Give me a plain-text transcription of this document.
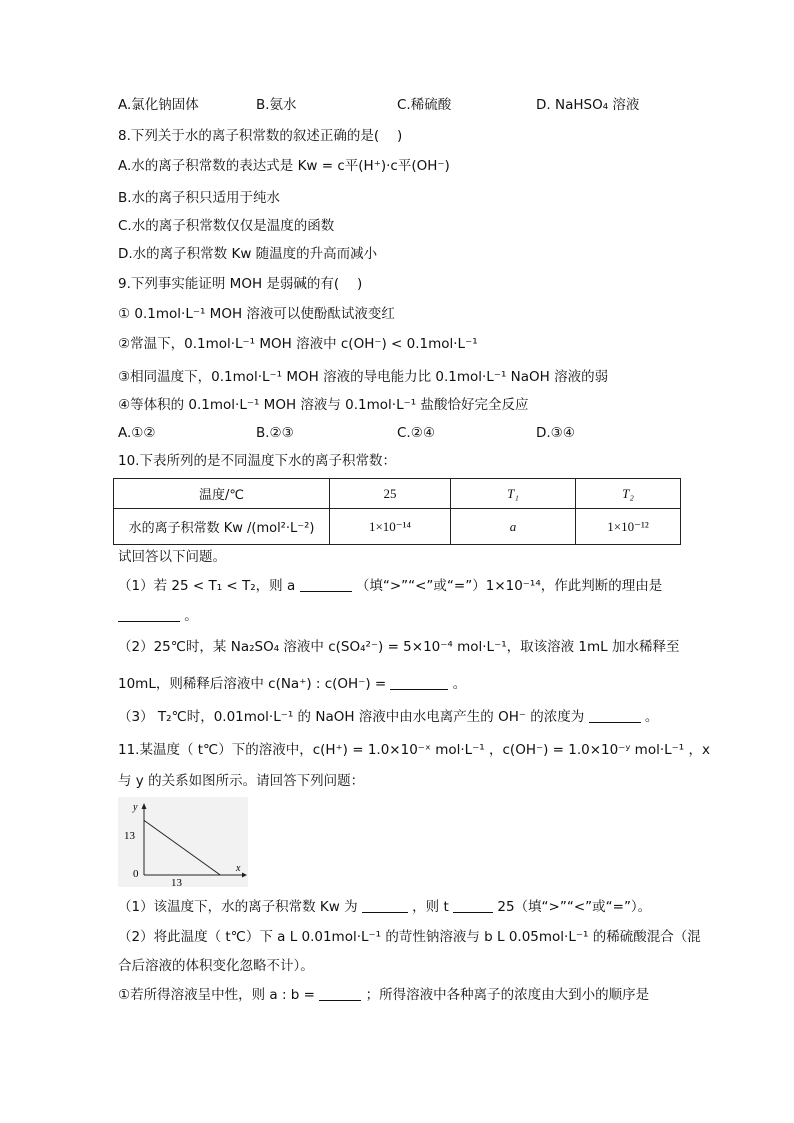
A.氯化钠固体	B.氨水	C.稀硫酸	D. NaHSO₄ 溶液
8.下列关于水的离子积常数的叙述正确的是(　 )
A.水的离子积常数的表达式是 Kw = c平(H⁺)·c平(OH⁻)
B.水的离子积只适用于纯水
C.水的离子积常数仅仅是温度的函数
D.水的离子积常数 Kw 随温度的升高而减小
9.下列事实能证明 MOH 是弱碱的有(　 )
① 0.1mol·L⁻¹ MOH 溶液可以使酚酞试液变红
②常温下，0.1mol·L⁻¹ MOH 溶液中 c(OH⁻) < 0.1mol·L⁻¹
③相同温度下，0.1mol·L⁻¹ MOH 溶液的导电能力比 0.1mol·L⁻¹ NaOH 溶液的弱
④等体积的 0.1mol·L⁻¹ MOH 溶液与 0.1mol·L⁻¹ 盐酸恰好完全反应
A.①②	B.②③	C.②④	D.③④
10.下表所列的是不同温度下水的离子积常数：
温度/℃	25	T₁	T₂
水的离子积常数 Kw /(mol²·L⁻²)	1×10⁻¹⁴	a	1×10⁻¹²
试回答以下问题。
（1）若 25 < T₁ < T₂，则 a	（填“>”“<”或“=”）1×10⁻¹⁴，作此判断的理由是
。
（2）25℃时，某 Na₂SO₄ 溶液中 c(SO₄²⁻) = 5×10⁻⁴ mol·L⁻¹，取该溶液 1mL 加水稀释至
10mL，则稀释后溶液中 c(Na⁺) : c(OH⁻) =	。
（3） T₂℃时，0.01mol·L⁻¹ 的 NaOH 溶液中由水电离产生的 OH⁻ 的浓度为	。
11.某温度（ t℃）下的溶液中，c(H⁺) = 1.0×10⁻ˣ mol·L⁻¹ ，c(OH⁻) = 1.0×10⁻ʸ mol·L⁻¹ ，x
与 y 的关系如图所示。请回答下列问题：
y
x
13
13
0
（1）该温度下，水的离子积常数 Kw 为	，则 t	25（填“>”“<”或“=”）。
（2）将此温度（ t℃）下 a L 0.01mol·L⁻¹ 的苛性钠溶液与 b L 0.05mol·L⁻¹ 的稀硫酸混合（混
合后溶液的体积变化忽略不计）。
①若所得溶液呈中性，则 a : b =	；所得溶液中各种离子的浓度由大到小的顺序是
